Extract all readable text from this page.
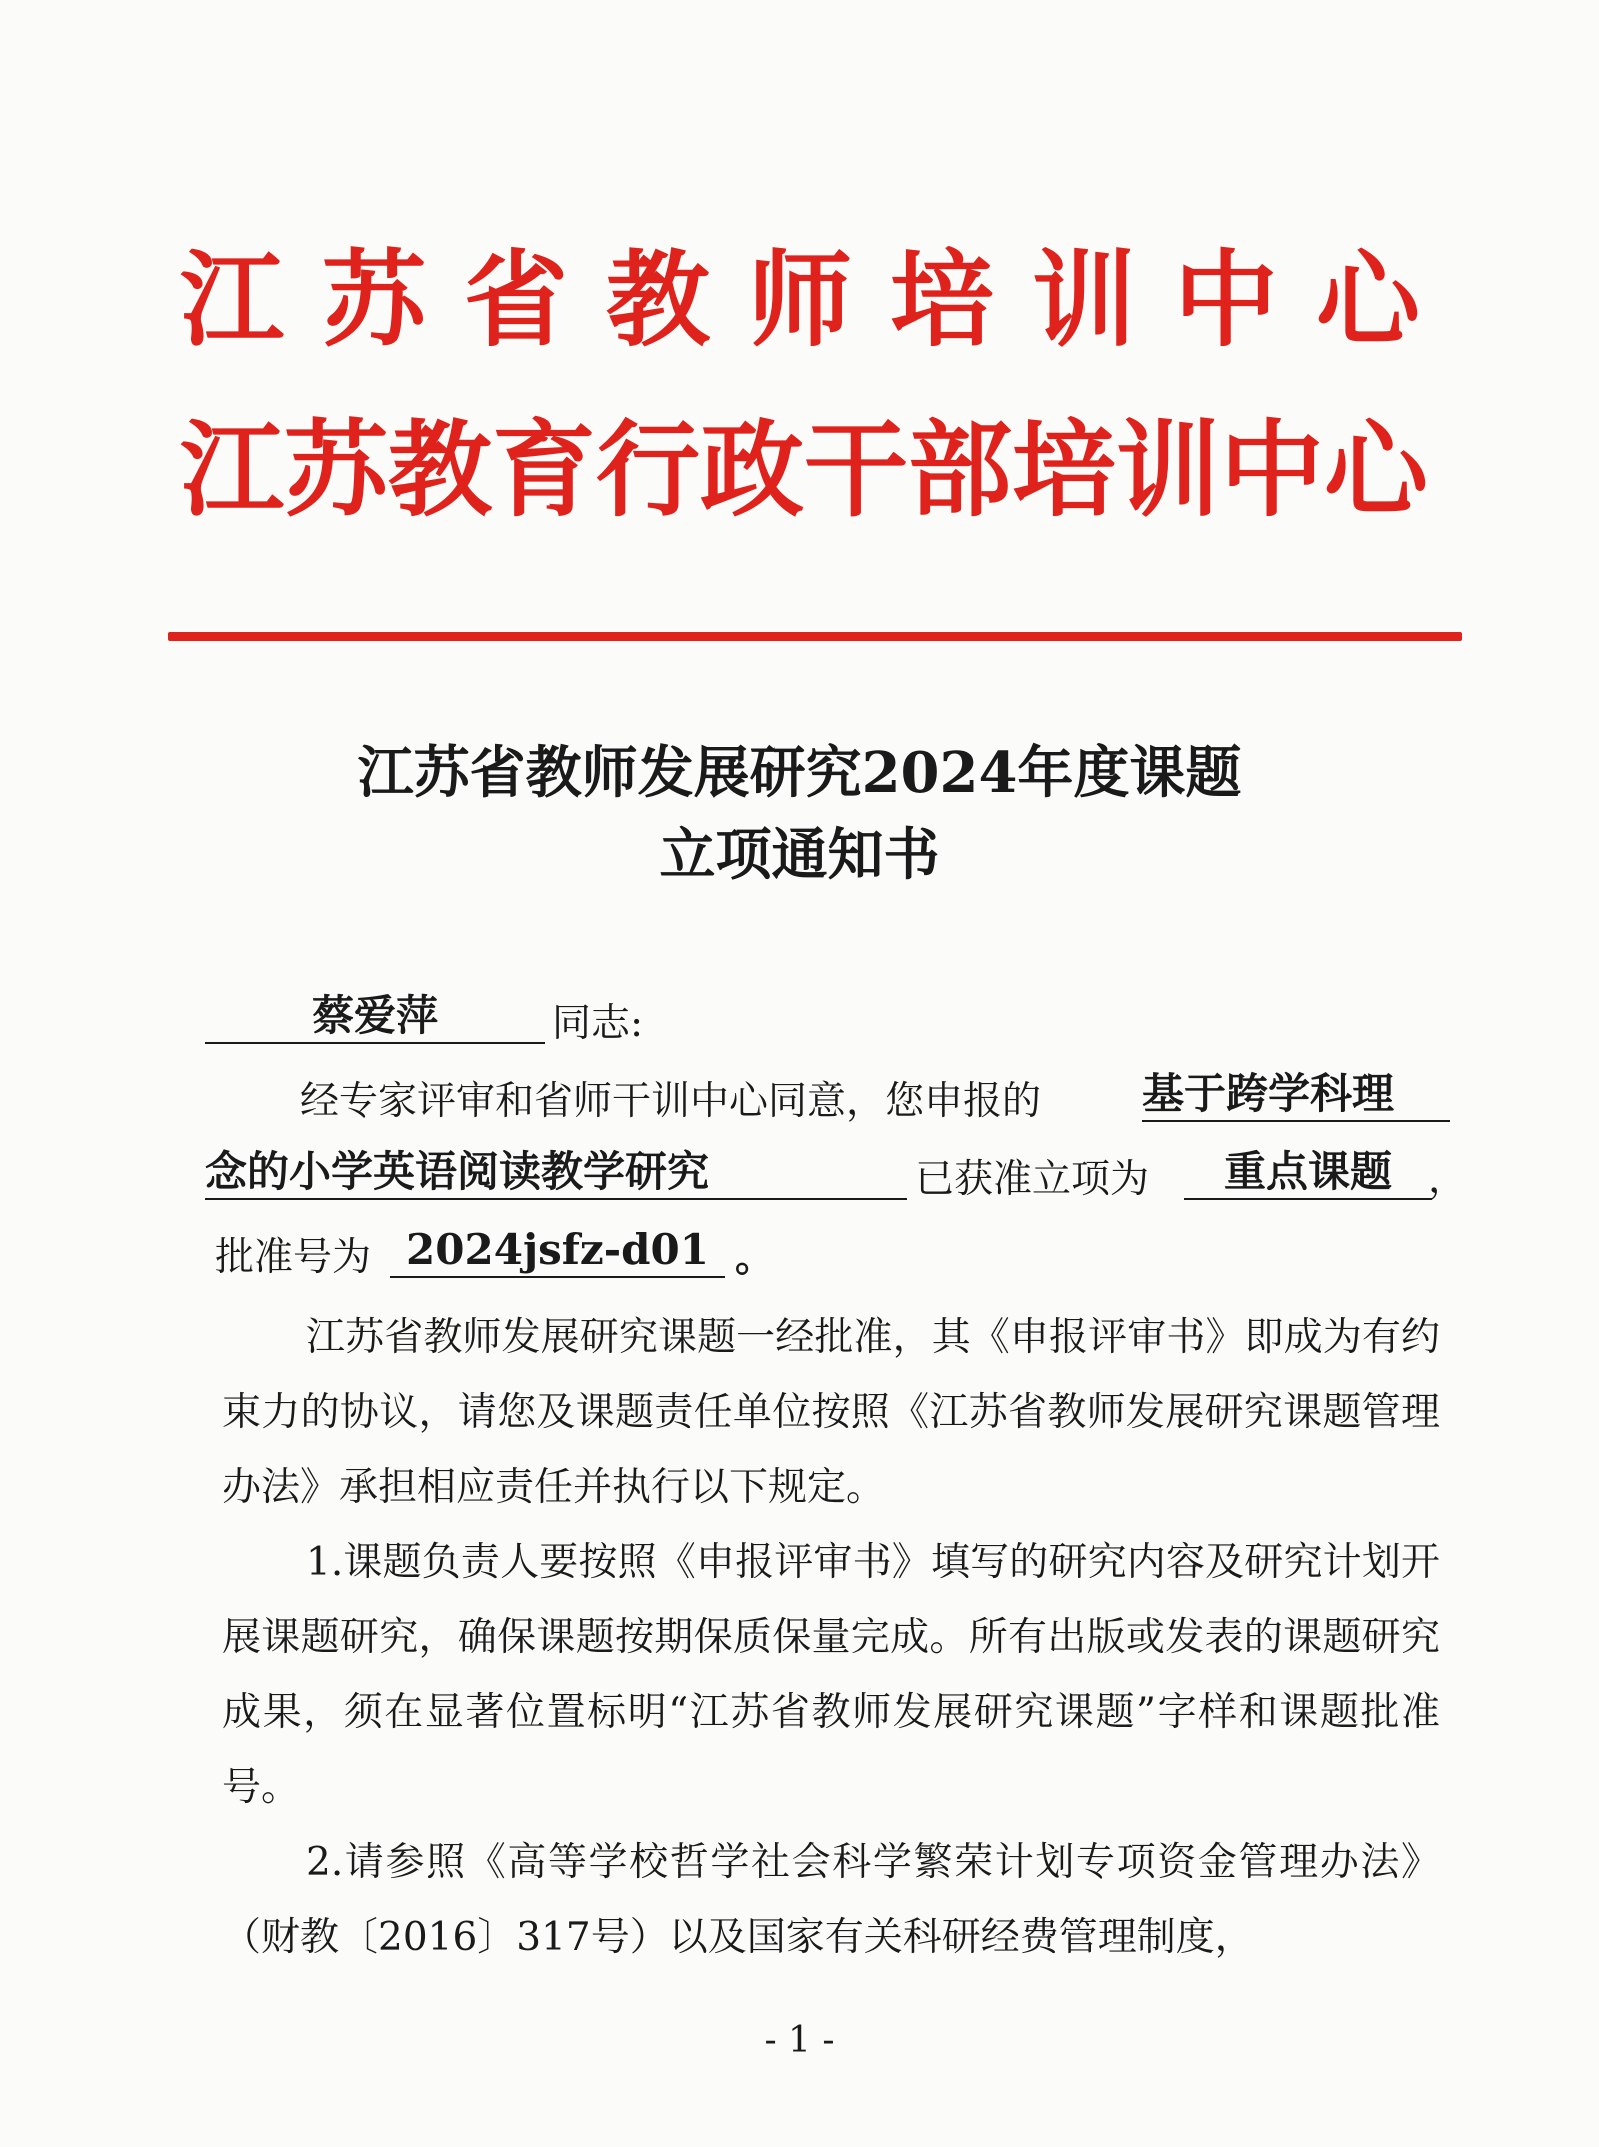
江苏省教师培训中心
江苏教育行政干部培训中心
江苏省教师发展研究2024年度课题
立项通知书
蔡爱萍	同志:
经专家评审和省师干训中心同意，您申报的 基于跨学科理
念的小学英语阅读教学研究	已获准立项为	重点课题 ，
批准号为 2024jsfz-d01 。
江苏省教师发展研究课题一经批准，其《申报评审书》即成为有约束力的协议，请您及课题责任单位按照《江苏省教师发展研究课题管理办法》承担相应责任并执行以下规定。
1.课题负责人要按照《申报评审书》填写的研究内容及研究计划开展课题研究，确保课题按期保质保量完成。所有出版或发表的课题研究成果，须在显著位置标明“江苏省教师发展研究课题”字样和课题批准号。
2.请参照《高等学校哲学社会科学繁荣计划专项资金管理办法》（财教〔2016〕317号）以及国家有关科研经费管理制度，
- 1 -
